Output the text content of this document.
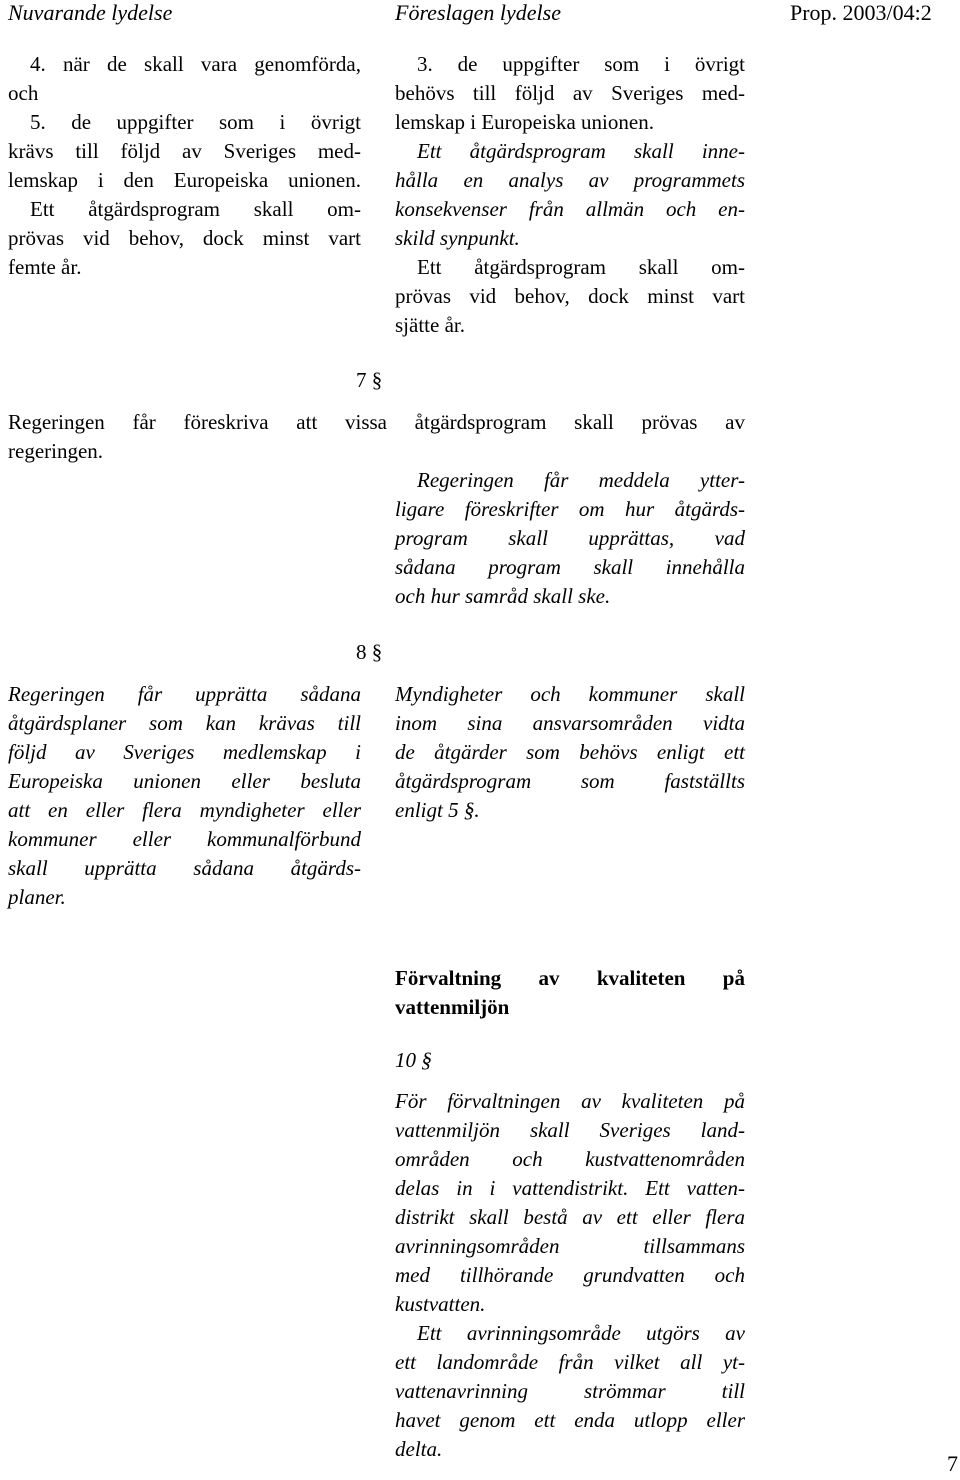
Nuvarande lydelse	Föreslagen lydelse	Prop. 2003/04:2
4. när de skall vara genomförda,
och
5. de uppgifter som i övrigt
krävs till följd av Sveriges med-
lemskap i den Europeiska unionen.
Ett åtgärdsprogram skall om-
prövas vid behov, dock minst vart
femte år.
3. de uppgifter som i övrigt
behövs till följd av Sveriges med-
lemskap i Europeiska unionen.
Ett åtgärdsprogram skall inne-
hålla en analys av programmets
konsekvenser från allmän och en-
skild synpunkt.
Ett åtgärdsprogram skall om-
prövas vid behov, dock minst vart
sjätte år.
7 §
Regeringen får föreskriva att vissa åtgärdsprogram skall prövas av
regeringen.
Regeringen får meddela ytter-
ligare föreskrifter om hur åtgärds-
program skall upprättas, vad
sådana program skall innehålla
och hur samråd skall ske.
8 §
Regeringen får upprätta sådana
åtgärdsplaner som kan krävas till
följd av Sveriges medlemskap i
Europeiska unionen eller besluta
att en eller flera myndigheter eller
kommuner eller kommunalförbund
skall upprätta sådana åtgärds-
planer.
Myndigheter och kommuner skall
inom sina ansvarsområden vidta
de åtgärder som behövs enligt ett
åtgärdsprogram som fastställts
enligt 5 §.
Förvaltning av kvaliteten på
vattenmiljön
10 §
För förvaltningen av kvaliteten på
vattenmiljön skall Sveriges land-
områden och kustvattenområden
delas in i vattendistrikt. Ett vatten-
distrikt skall bestå av ett eller flera
avrinningsområden tillsammans
med tillhörande grundvatten och
kustvatten.
Ett avrinningsområde utgörs av
ett landområde från vilket all yt-
vattenavrinning strömmar till
havet genom ett enda utlopp eller
delta.
7
